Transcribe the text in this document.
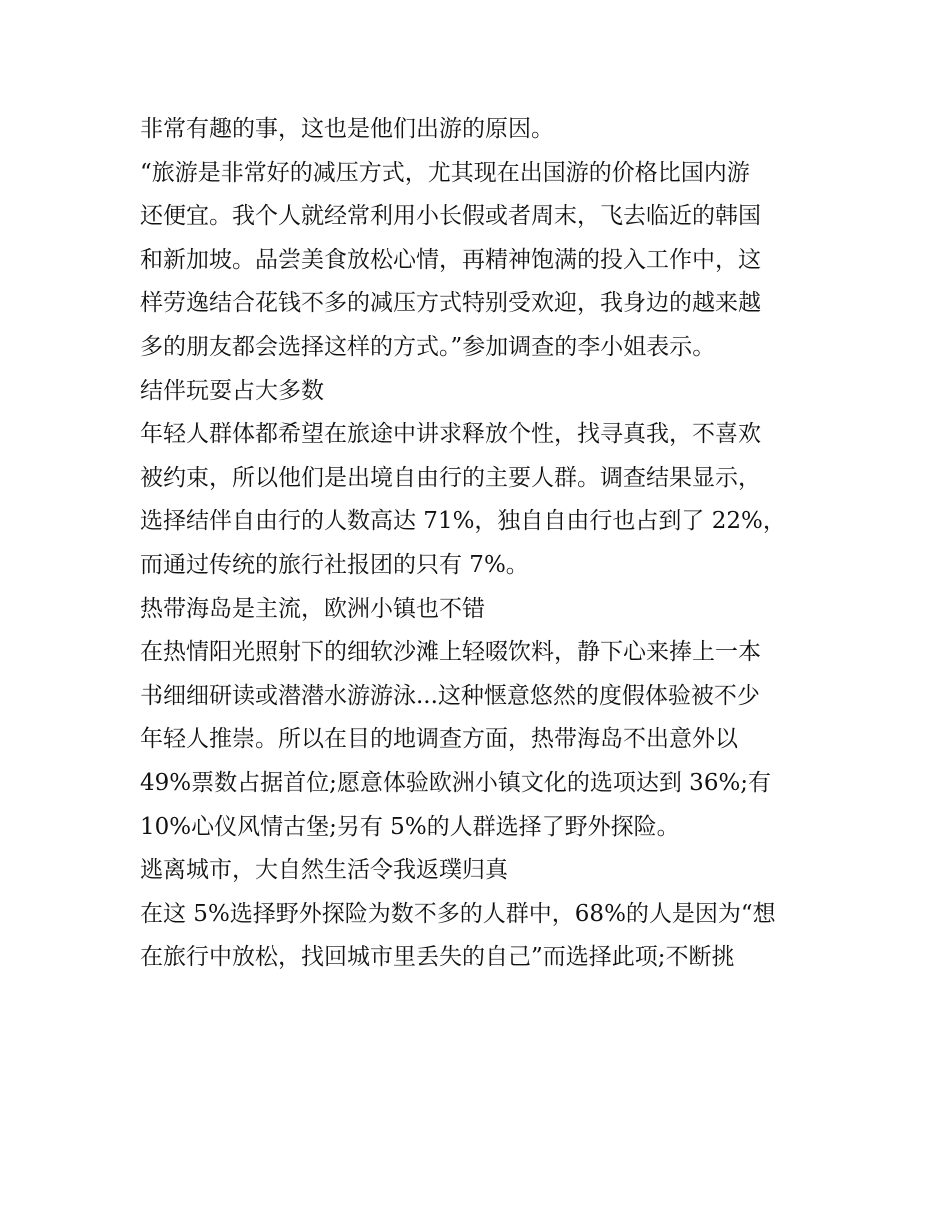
非常有趣的事，这也是他们出游的原因。
“旅游是非常好的减压方式，尤其现在出国游的价格比国内游
还便宜。我个人就经常利用小长假或者周末，飞去临近的韩国
和新加坡。品尝美食放松心情，再精神饱满的投入工作中，这
样劳逸结合花钱不多的减压方式特别受欢迎，我身边的越来越
多的朋友都会选择这样的方式。”参加调查的李小姐表示。
结伴玩耍占大多数
年轻人群体都希望在旅途中讲求释放个性，找寻真我，不喜欢
被约束，所以他们是出境自由行的主要人群。调查结果显示，
选择结伴自由行的人数高达 71%，独自自由行也占到了 22%，
而通过传统的旅行社报团的只有 7%。
热带海岛是主流，欧洲小镇也不错
在热情阳光照射下的细软沙滩上轻啜饮料，静下心来捧上一本
书细细研读或潜潜水游游泳...这种惬意悠然的度假体验被不少
年轻人推崇。所以在目的地调查方面，热带海岛不出意外以
49%票数占据首位;愿意体验欧洲小镇文化的选项达到 36%;有
10%心仪风情古堡;另有 5%的人群选择了野外探险。
逃离城市，大自然生活令我返璞归真
在这 5%选择野外探险为数不多的人群中，68%的人是因为“想
在旅行中放松，找回城市里丢失的自己”而选择此项;不断挑
